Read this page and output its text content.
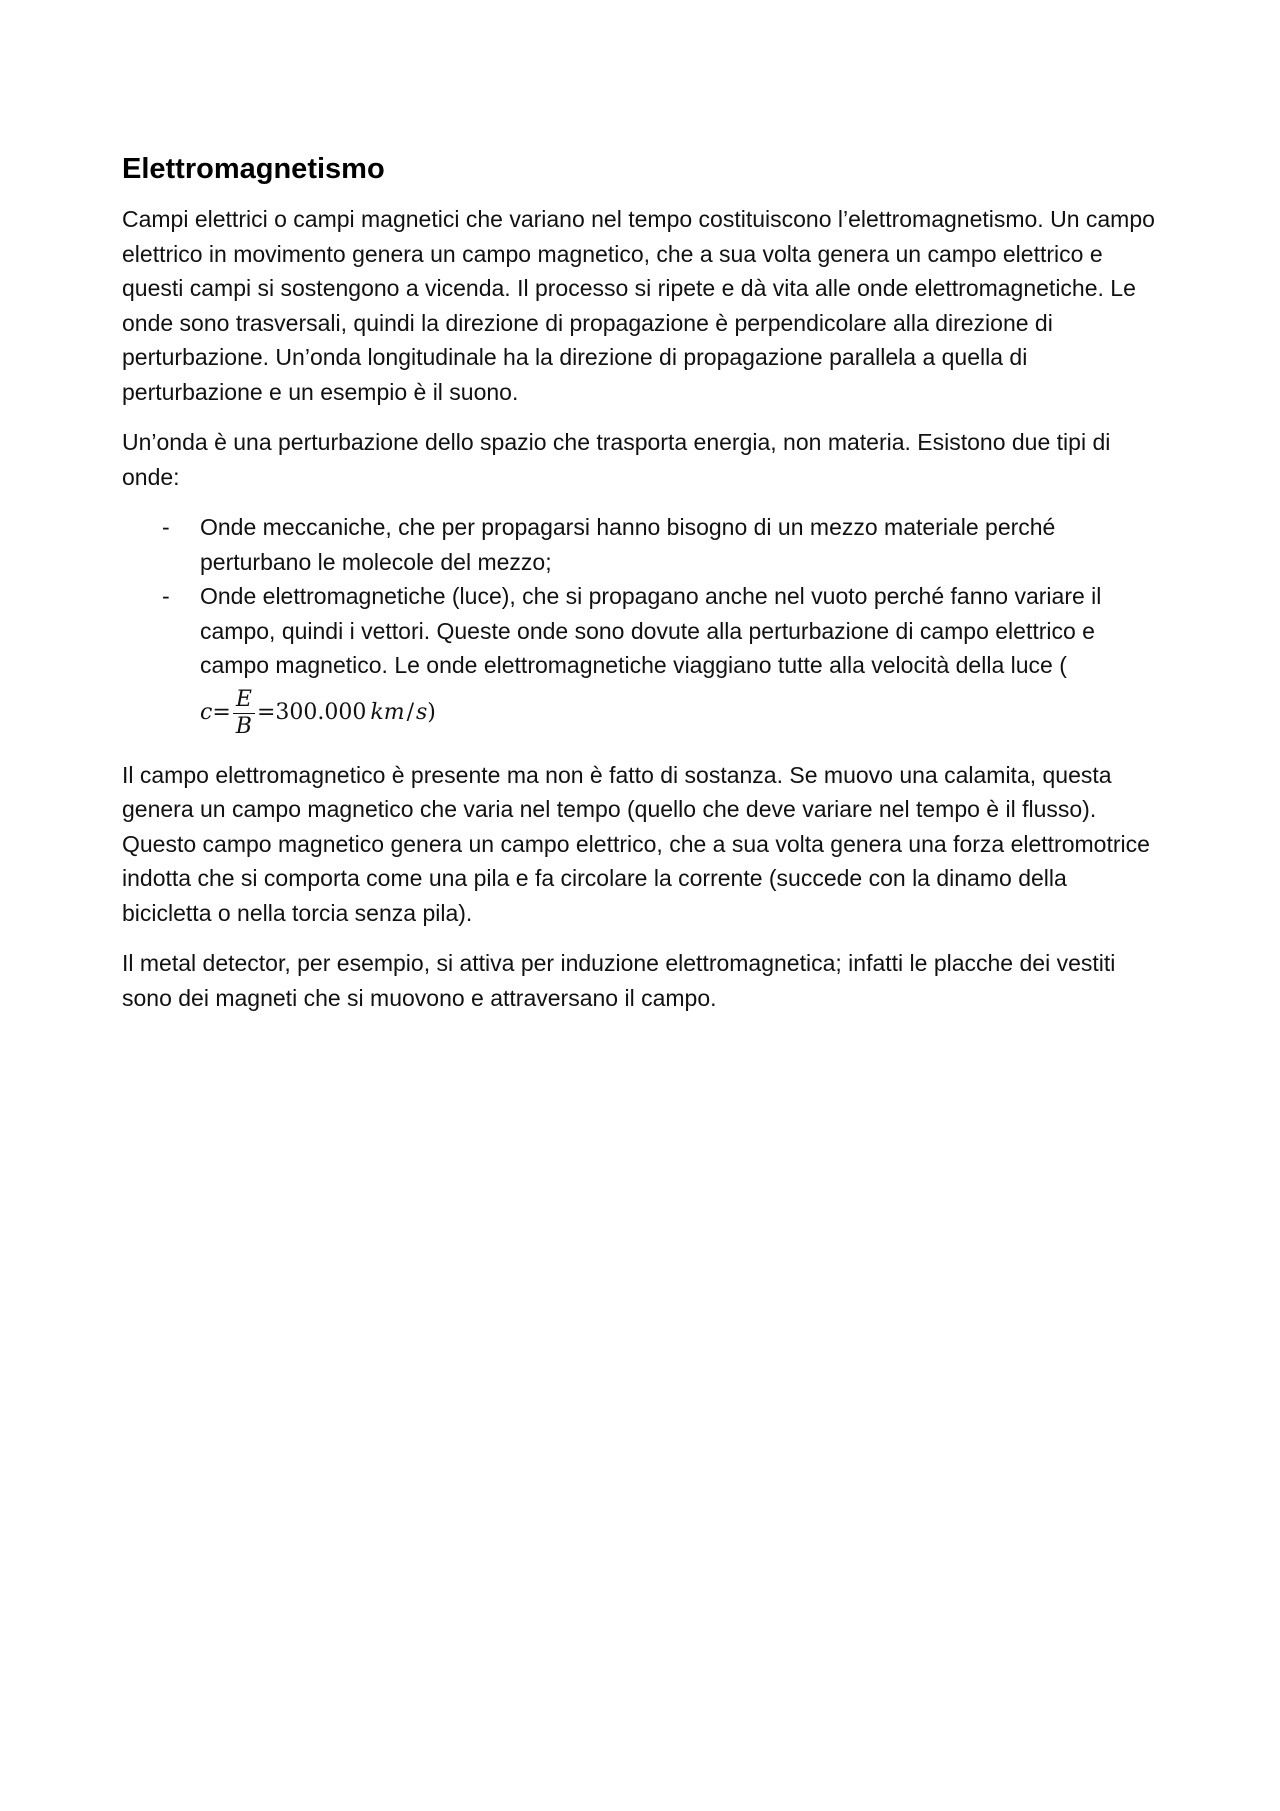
Elettromagnetismo

Campi elettrici o campi magnetici che variano nel tempo costituiscono l’elettromagnetismo. Un campo elettrico in movimento genera un campo magnetico, che a sua volta genera un campo elettrico e questi campi si sostengono a vicenda. Il processo si ripete e dà vita alle onde elettromagnetiche. Le onde sono trasversali, quindi la direzione di propagazione è perpendicolare alla direzione di perturbazione. Un’onda longitudinale ha la direzione di propagazione parallela a quella di perturbazione e un esempio è il suono.

Un’onda è una perturbazione dello spazio che trasporta energia, non materia. Esistono due tipi di onde:

- Onde meccaniche, che per propagarsi hanno bisogno di un mezzo materiale perché perturbano le molecole del mezzo;
- Onde elettromagnetiche (luce), che si propagano anche nel vuoto perché fanno variare il campo, quindi i vettori. Queste onde sono dovute alla perturbazione di campo elettrico e campo magnetico. Le onde elettromagnetiche viaggiano tutte alla velocità della luce (

$c = \frac{E}{B} = 300.000$ km / s )

Il campo elettromagnetico è presente ma non è fatto di sostanza. Se muovo una calamita, questa genera un campo magnetico che varia nel tempo (quello che deve variare nel tempo è il flusso). Questo campo magnetico genera un campo elettrico, che a sua volta genera una forza elettromotrice indotta che si comporta come una pila e fa circolare la corrente (succede con la dinamo della bicicletta o nella torcia senza pila).

Il metal detector, per esempio, si attiva per induzione elettromagnetica; infatti le placche dei vestiti sono dei magneti che si muovono e attraversano il campo.
